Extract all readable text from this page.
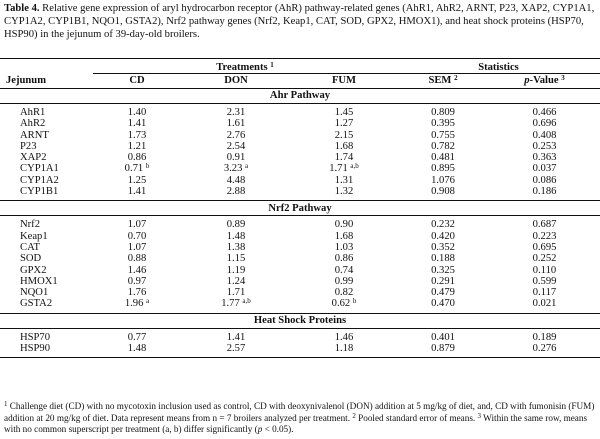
Table 4. Relative gene expression of aryl hydrocarbon receptor (AhR) pathway-related genes (AhR1, AhR2, ARNT, P23, XAP2, CYP1A1, CYP1A2, CYP1B1, NQO1, GSTA2), Nrf2 pathway genes (Nrf2, Keap1, CAT, SOD, GPX2, HMOX1), and heat shock proteins (HSP70, HSP90) in the jejunum of 39-day-old broilers.
Jejunum	Treatments $^1$			Statistics	
	CD	DON	FUM	SEM $^2$	p-Value $^3$
Ahr Pathway					
AhR1	1.40	2.31	1.45	0.809	0.466
AhR2	1.41	1.61	1.27	0.395	0.696
ARNT	1.73	2.76	2.15	0.755	0.408
P23	1.21	2.54	1.68	0.782	0.253
XAP2	0.86	0.91	1.74	0.481	0.363
CYP1A1	0.71 $^b$	3.23 $^a$	1.71 $^{a,b}$	0.895	0.037
CYP1A2	1.25	4.48	1.31	1.076	0.086
CYP1B1	1.41	2.88	1.32	0.908	0.186
Nrf2 Pathway					
Nrf2	1.07	0.89	0.90	0.232	0.687
Keap1	0.70	1.48	1.68	0.420	0.223
CAT	1.07	1.38	1.03	0.352	0.695
SOD	0.88	1.15	0.86	0.188	0.252
GPX2	1.46	1.19	0.74	0.325	0.110
HMOX1	0.97	1.24	0.99	0.291	0.599
NQO1	1.76	1.71	0.82	0.479	0.117
GSTA2	1.96 $^a$	1.77 $^{a,b}$	0.62 $^b$	0.470	0.021
Heat Shock Proteins					
HSP70	0.77	1.41	1.46	0.401	0.189
HSP90	1.48	2.57	1.18	0.879	0.276
$^1$ Challenge diet (CD) with no mycotoxin inclusion used as control, CD with deoxynivalenol (DON) addition at 5 mg/kg of diet, and, CD with fumonisin (FUM) addition at 20 mg/kg of diet. Data represent means from n = 7 broilers analyzed per treatment. $^2$ Pooled standard error of means. $^3$ Within the same row, means with no common superscript per treatment (a, b) differ significantly (p < 0.05).
